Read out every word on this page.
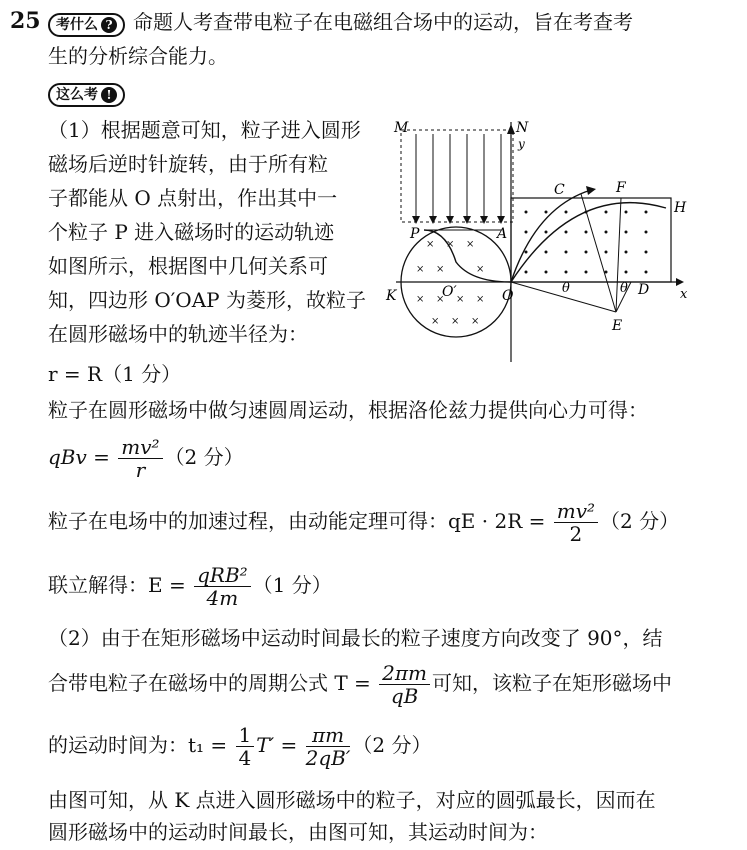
25	考什么 ? 命题人考查带电粒子在电磁组合场中的运动，旨在考查考
生的分析综合能力。
这么考 !
（1）根据题意可知，粒子进入圆形
磁场后逆时针旋转，由于所有粒
子都能从 O 点射出，作出其中一
个粒子 P 进入磁场时的运动轨迹
如图所示，根据图中几何关系可
知，四边形 O′OAP 为菱形，故粒子
在圆形磁场中的轨迹半径为：
r = R（1 分）
粒子在圆形磁场中做匀速圆周运动，根据洛伦兹力提供向心力可得：
qBv = $\frac{\text{mv²}}{r} (2$ 分）
粒子在电场中的加速过程，由动能定理可得：qE · $2R = \frac{\text{mv²}}{2} (2$ 分）
联立解得：$E = \frac{\text{qRB²}}{4m} (1$ 分）
（2）由于在矩形磁场中运动时间最长的粒子速度方向改变了 90°，结
合带电粒子在磁场中的周期公式 $T = \frac{2\pi m}{qB}$ 可知，该粒子在矩形磁场中
的运动时间为：$t_1 = \frac{1}{4} T' = \frac{\pi m}{2qB'} (2$ 分）
由图可知，从 K 点进入圆形磁场中的粒子，对应的圆弧最长，因而在
圆形磁场中的运动时间最长，由图可知，其运动时间为：
× × ×
× ×	×
× × × ×
× × ×
M	N
y
C	F
H
P	A
K	O′	O	θ	θ D x
E
